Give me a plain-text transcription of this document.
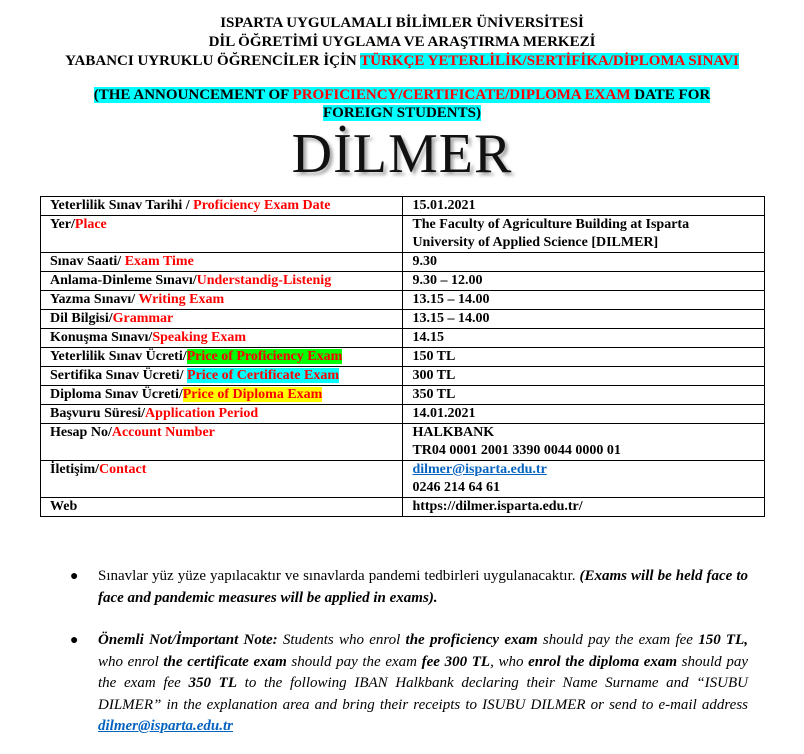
ISPARTA UYGULAMALI BİLİMLER ÜNİVERSİTESİ
DİL ÖĞRETİMİ UYGLAMA VE ARAŞTIRMA MERKEZİ
YABANCI UYRUKLU ÖĞRENCİLER İÇİN TÜRKÇE YETERLİLİK/SERTİFİKA/DİPLOMA SINAVI
(THE ANNOUNCEMENT OF PROFICIENCY/CERTIFICATE/DIPLOMA EXAM DATE FOR FOREIGN STUDENTS)
DİLMER
Yeterlilik Sınav Tarihi / Proficiency Exam Date	15.01.2021
Yer/Place	The Faculty of Agriculture Building at Isparta
University of Applied Science [DILMER]

Sınav Saati/ Exam Time	9.30
Anlama-Dinleme Sınavı/Understandig-Listenig	9.30 – 12.00
Yazma Sınavı/ Writing Exam	13.15 – 14.00
Dil Bilgisi/Grammar	13.15 – 14.00
Konuşma Sınavı/Speaking Exam	14.15
Yeterlilik Sınav Ücreti/Price of Proficiency Exam	150 TL
Sertifika Sınav Ücreti/ Price of Certificate Exam	300 TL
Diploma Sınav Ücreti/Price of Diploma Exam	350 TL
Başvuru Süresi/Application Period	14.01.2021
Hesap No/Account Number	HALKBANK
TR04 0001 2001 3390 0044 0000 01

İletişim/Contact	dilmer@isparta.edu.tr
0246 214 64 61

Web	https://dilmer.isparta.edu.tr/
● Sınavlar yüz yüze yapılacaktır ve sınavlarda pandemi tedbirleri uygulanacaktır. (Exams will be held face to face and pandemic measures will be applied in exams).
● Önemli Not/İmportant Note: Students who enrol the proficiency exam should pay the exam fee 150 TL, who enrol the certificate exam should pay the exam fee 300 TL, who enrol the diploma exam should pay the exam fee 350 TL to the following IBAN Halkbank declaring their Name Surname and “ISUBU DILMER” in the explanation area and bring their receipts to ISUBU DILMER or send to e-mail address dilmer@isparta.edu.tr
